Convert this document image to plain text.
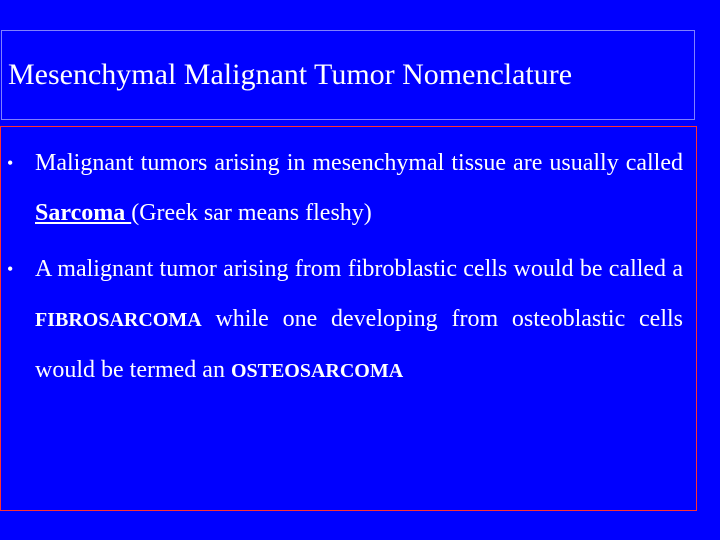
Mesenchymal Malignant Tumor Nomenclature
• Malignant tumors arising in mesenchymal tissue are usually called Sarcoma (Greek sar means fleshy)
• A malignant tumor arising from fibroblastic cells would be called a FIBROSARCOMA while one developing from osteoblastic cells would be termed an OSTEOSARCOMA
